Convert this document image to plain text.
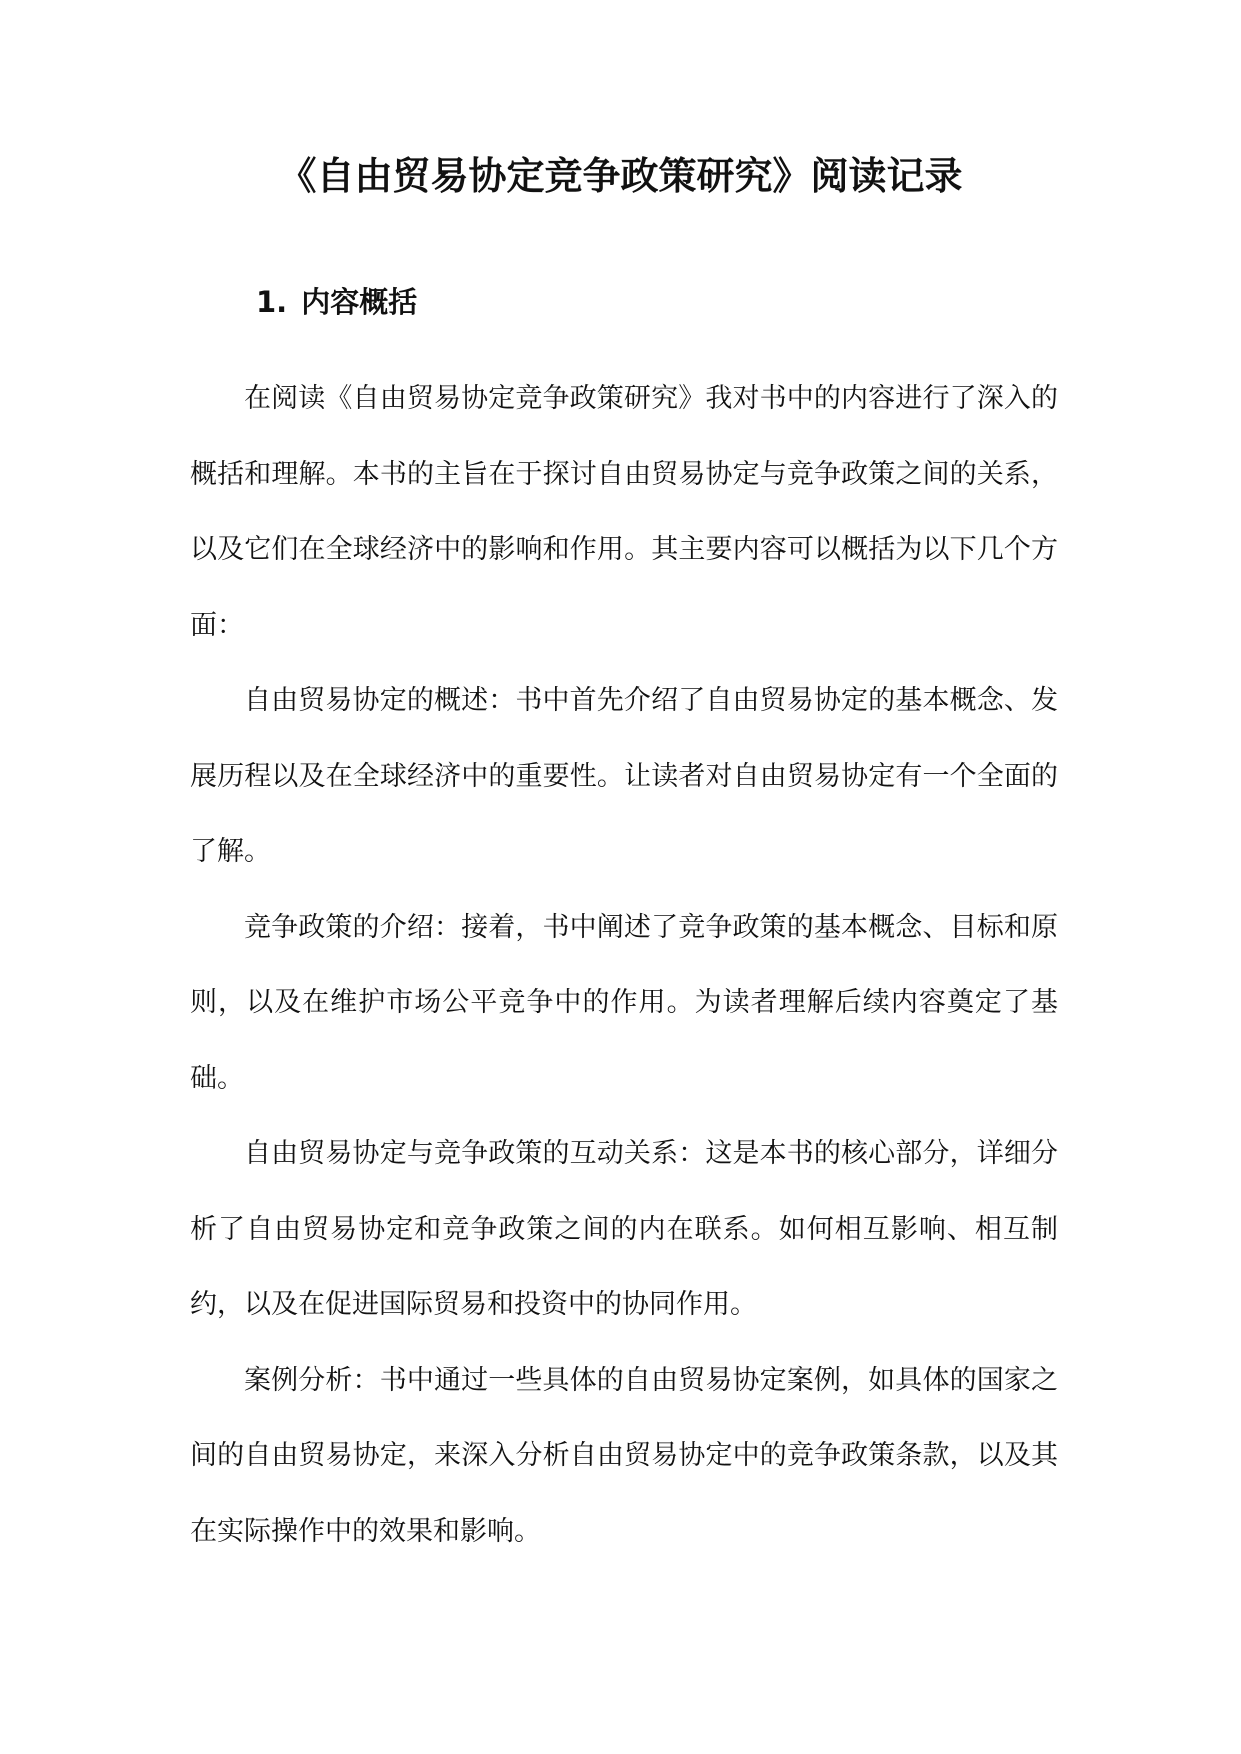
《自由贸易协定竞争政策研究》阅读记录
1. 内容概括

在阅读《自由贸易协定竞争政策研究》我对书中的内容进行了深入的概括和理解。本书的主旨在于探讨自由贸易协定与竞争政策之间的关系，以及它们在全球经济中的影响和作用。其主要内容可以概括为以下几个方面：

自由贸易协定的概述：书中首先介绍了自由贸易协定的基本概念、发展历程以及在全球经济中的重要性。让读者对自由贸易协定有一个全面的了解。

竞争政策的介绍：接着，书中阐述了竞争政策的基本概念、目标和原则，以及在维护市场公平竞争中的作用。为读者理解后续内容奠定了基础。

自由贸易协定与竞争政策的互动关系：这是本书的核心部分，详细分析了自由贸易协定和竞争政策之间的内在联系。如何相互影响、相互制约，以及在促进国际贸易和投资中的协同作用。

案例分析：书中通过一些具体的自由贸易协定案例，如具体的国家之间的自由贸易协定，来深入分析自由贸易协定中的竞争政策条款，以及其在实际操作中的效果和影响。
